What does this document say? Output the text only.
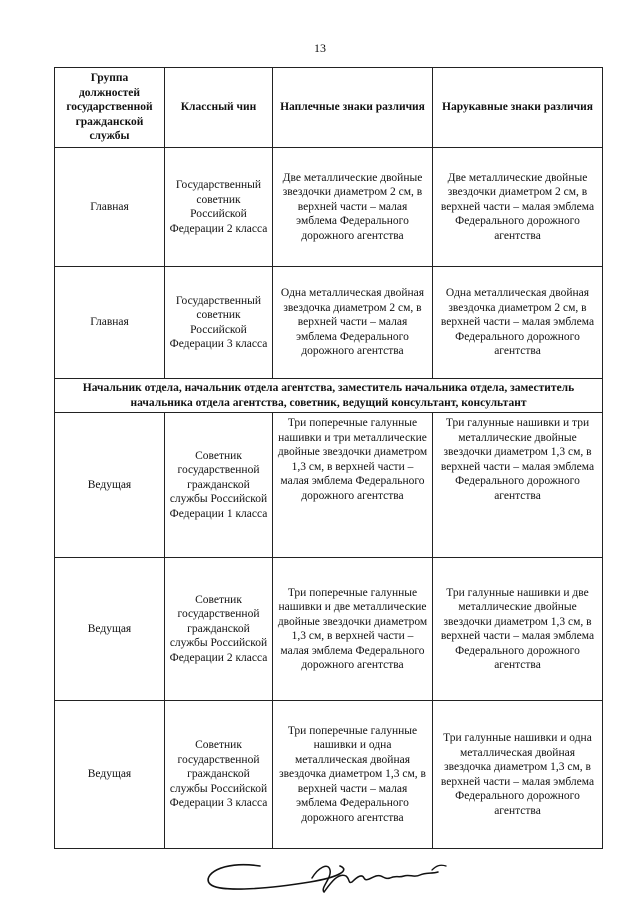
13
Группа должностей государственной гражданской службы	Классный чин	Наплечные знаки различия	Нарукавные знаки различия
Главная	Государственный советник Российской Федерации 2 класса	Две металлические двойные звездочки диаметром 2 см, в верхней части – малая эмблема Федерального дорожного агентства	Две металлические двойные звездочки диаметром 2 см, в верхней части – малая эмблема Федерального дорожного агентства
Главная	Государственный советник Российской Федерации 3 класса	Одна металлическая двойная звездочка диаметром 2 см, в верхней части – малая эмблема Федерального дорожного агентства	Одна металлическая двойная звездочка диаметром 2 см, в верхней части – малая эмблема Федерального дорожного агентства
Начальник отдела, начальник отдела агентства, заместитель начальника отдела, заместитель начальника отдела агентства, советник, ведущий консультант, консультант			
Ведущая	Советник государственной гражданской службы Российской Федерации 1 класса	Три поперечные галунные нашивки и три металлические двойные звездочки диаметром 1,3 см, в верхней части – малая эмблема Федерального дорожного агентства	Три галунные нашивки и три металлические двойные звездочки диаметром 1,3 см, в верхней части – малая эмблема Федерального дорожного агентства
Ведущая	Советник государственной гражданской службы Российской Федерации 2 класса	Три поперечные галунные нашивки и две металлические двойные звездочки диаметром 1,3 см, в верхней части – малая эмблема Федерального дорожного агентства	Три галунные нашивки и две металлические двойные звездочки диаметром 1,3 см, в верхней части – малая эмблема Федерального дорожного агентства
Ведущая	Советник государственной гражданской службы Российской Федерации 3 класса	Три поперечные галунные нашивки и одна металлическая двойная звездочка диаметром 1,3 см, в верхней части – малая эмблема Федерального дорожного агентства	Три галунные нашивки и одна металлическая двойная звездочка диаметром 1,3 см, в верхней части – малая эмблема Федерального дорожного агентства
